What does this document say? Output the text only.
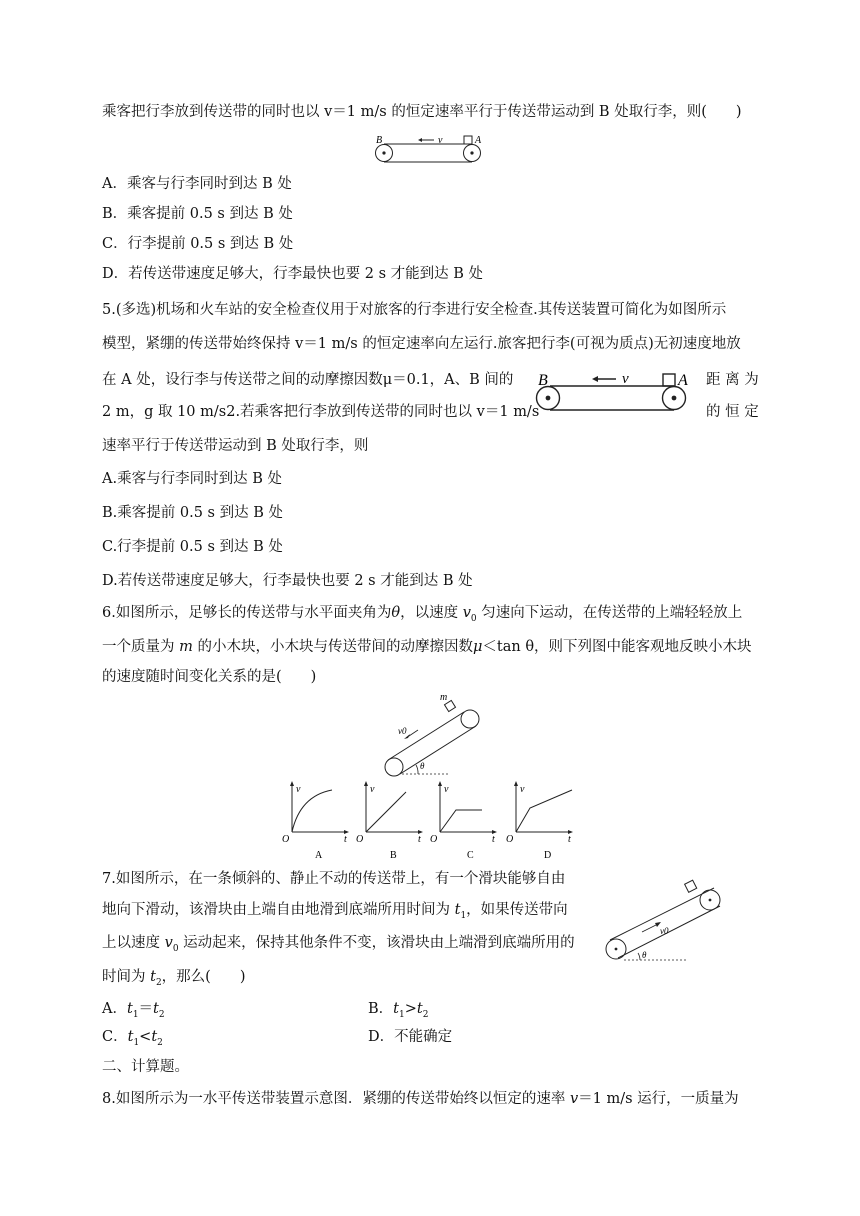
乘客把行李放到传送带的同时也以 v＝1 m/s 的恒定速率平行于传送带运动到 B 处取行李，则(　　)
B	A
v
A．乘客与行李同时到达 B 处
B．乘客提前 0.5 s 到达 B 处
C．行李提前 0.5 s 到达 B 处
D．若传送带速度足够大，行李最快也要 2 s 才能到达 B 处
5.(多选)机场和火车站的安全检查仪用于对旅客的行李进行安全检查.其传送装置可简化为如图所示
模型，紧绷的传送带始终保持 v＝1 m/s 的恒定速率向左运行.旅客把行李(可视为质点)无初速度地放
在 A 处，设行李与传送带之间的动摩擦因数μ＝0.1，A、B 间的	距 离 为
2 m，g 取 10 m/s2.若乘客把行李放到传送带的同时也以 v＝1 m/s	的 恒 定
速率平行于传送带运动到 B 处取行李，则
B	A
v
A.乘客与行李同时到达 B 处
B.乘客提前 0.5 s 到达 B 处
C.行李提前 0.5 s 到达 B 处
D.若传送带速度足够大，行李最快也要 2 s 才能到达 B 处
6.如图所示，足够长的传送带与水平面夹角为θ，以速度 $v_0$ 匀速向下运动，在传送带的上端轻轻放上
一个质量为 m 的小木块，小木块与传送带间的动摩擦因数μ＜tan θ，则下列图中能客观地反映小木块
的速度随时间变化关系的是(　　)
m
v0
θ
O
v
t
A
O
v
t
B
O
v
t
C
O
v
t
D
7.如图所示，在一条倾斜的、静止不动的传送带上，有一个滑块能够自由
地向下滑动，该滑块由上端自由地滑到底端所用时间为 $t_1$，如果传送带向
上以速度 $v_0$ 运动起来，保持其他条件不变，该滑块由上端滑到底端所用的
时间为 $t_2$，那么(　　)
v0
θ
A．$t_1=t_2$	B．$t_1>t_2$
C．$t_1<t_2$	D．不能确定
二、计算题。
8.如图所示为一水平传送带装置示意图．紧绷的传送带始终以恒定的速率 v＝1 m/s 运行，一质量为
